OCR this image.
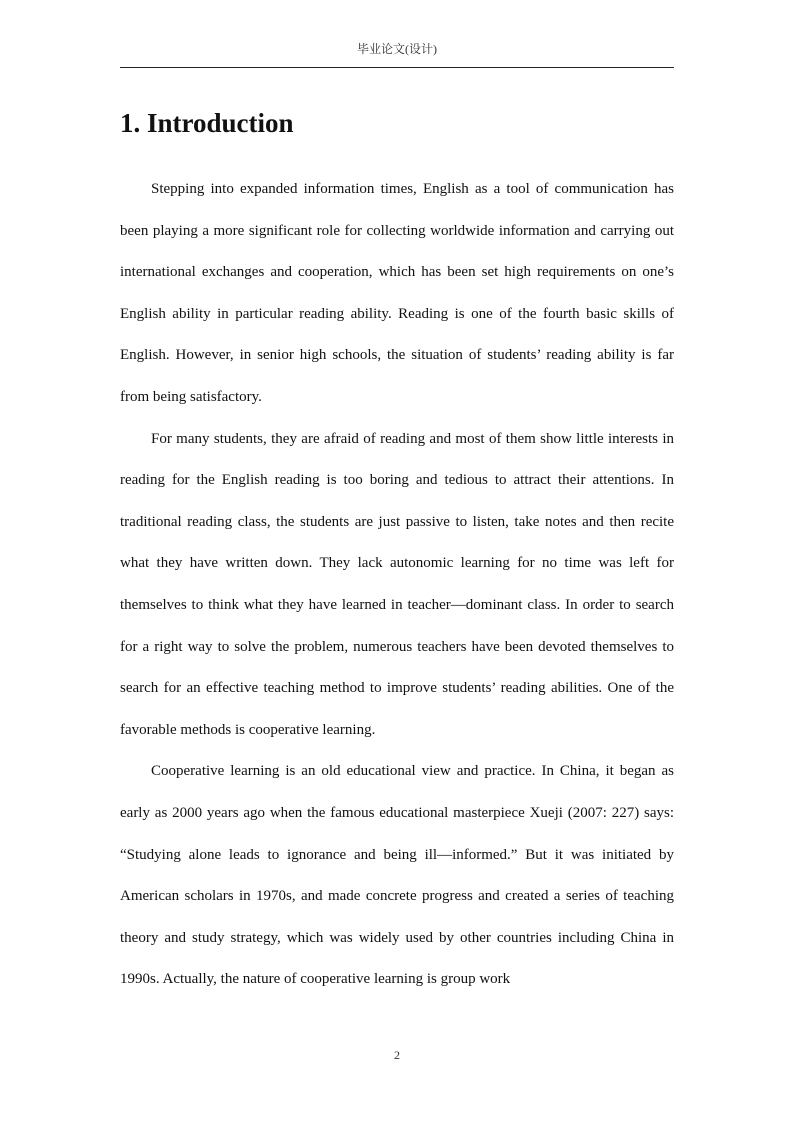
毕业论文(设计)
1. Introduction

Stepping into expanded information times, English as a tool of communication has been playing a more significant role for collecting worldwide information and carrying out international exchanges and cooperation, which has been set high requirements on one’s English ability in particular reading ability. Reading is one of the fourth basic skills of English. However, in senior high schools, the situation of students’ reading ability is far from being satisfactory.

For many students, they are afraid of reading and most of them show little interests in reading for the English reading is too boring and tedious to attract their attentions. In traditional reading class, the students are just passive to listen, take notes and then recite what they have written down. They lack autonomic learning for no time was left for themselves to think what they have learned in teacher—dominant class. In order to search for a right way to solve the problem, numerous teachers have been devoted themselves to search for an effective teaching method to improve students’ reading abilities. One of the favorable methods is cooperative learning.

Cooperative learning is an old educational view and practice. In China, it began as early as 2000 years ago when the famous educational masterpiece Xueji (2007: 227) says: “Studying alone leads to ignorance and being ill—informed.” But it was initiated by American scholars in 1970s, and made concrete progress and created a series of teaching theory and study strategy, which was widely used by other countries including China in 1990s. Actually, the nature of cooperative learning is group work

2
